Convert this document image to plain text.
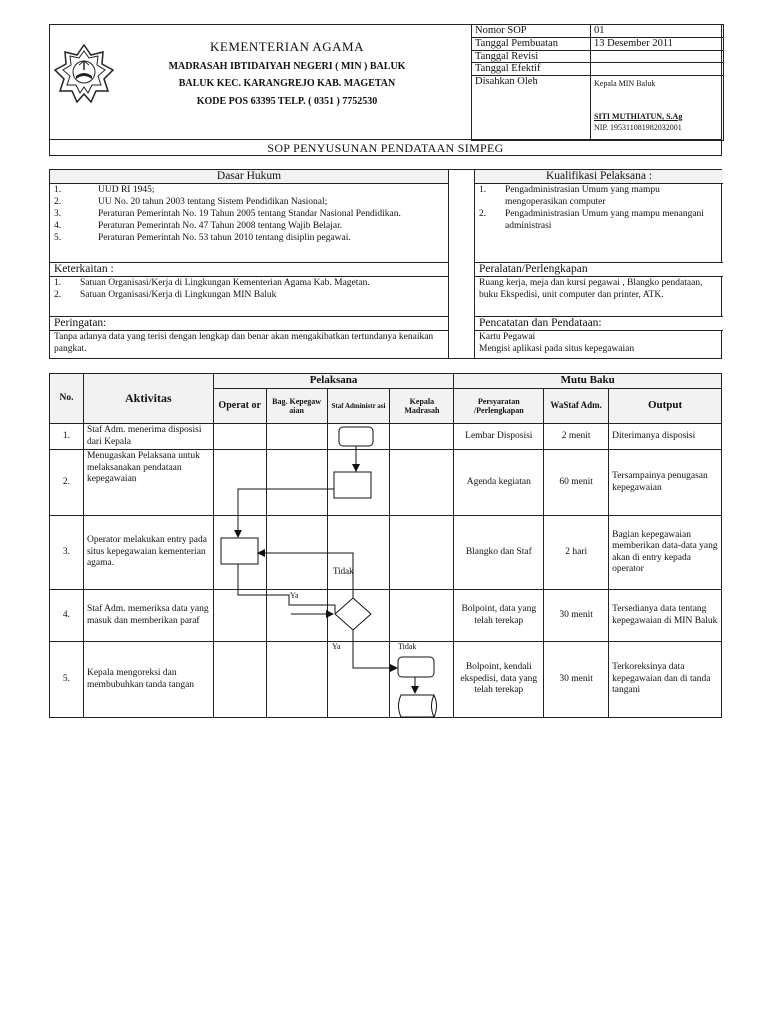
KEMENTERIAN AGAMA
MADRASAH IBTIDAIYAH NEGERI ( MIN ) BALUK
BALUK KEC. KARANGREJO KAB. MAGETAN
KODE POS 63395 TELP. ( 0351 ) 7752530
Nomor SOP	01
Tanggal Pembuatan	13 Desember 2011
Tanggal Revisi	
Tanggal Efektif	
Disahkan Oleh	Kepala MIN Baluk
SITI MUTHIATUN, S.Ag
NIP. 195311081982032001
SOP PENYUSUNAN PENDATAAN SIMPEG
Dasar Hukum
1.	UUD RI 1945;
2.	UU No. 20 tahun 2003 tentang Sistem Pendidikan Nasional;
3.	Peraturan Pemerintah No. 19 Tahun 2005 tentang Standar Nasional Pendidikan.
4.	Peraturan Pemerintah No. 47 Tahun 2008 tentang Wajib Belajar.
5.	Peraturan Pemerintah No. 53 tahun 2010 tentang disiplin pegawai.
Keterkaitan :
1.	Satuan Organisasi/Kerja di Lingkungan Kementerian Agama Kab. Magetan.
2.	Satuan Organisasi/Kerja di Lingkungan MIN Baluk
Peringatan:
Tanpa adanya data yang terisi dengan lengkap dan benar akan mengakibatkan tertundanya kenaikan pangkat.
Kualifikasi Pelaksana :
1.	Pengadministrasian Umum yang mampu mengoperasikan computer
2.	Pengadministrasian Umum yang mampu menangani administrasi
Peralatan/Perlengkapan
Ruang kerja, meja dan kursi pegawai , Blangko pendataan, buku Ekspedisi, unit computer dan printer, ATK.
Pencatatan dan Pendataan:
Kartu Pegawai
Mengisi aplikasi pada situs kepegawaian
No.	Aktivitas	Pelaksana				Mutu Baku		
		Operat or	Bag. Kepegaw aian	Staf Administr asi	Kepala Madrasah	Persyaratan /Perlengkapan	WaStaf Adm.	Output
1.	Staf Adm. menerima disposisi dari Kepala					Lembar Disposisi	2 menit	Diterimanya disposisi
2.	Menugaskan Pelaksana untuk melaksanakan pendataan kepegawaian					Agenda kegiatan	60 menit	Tersampainya penugasan kepegawaian
3.	Operator melakukan entry pada situs kepegawaian kementerian agama.					Blangko dan Staf	2 hari	Bagian kepegawaian memberikan data-data yang akan di entry kepada operator
4.	Staf Adm. memeriksa data yang masuk dan memberikan paraf					Bolpoint, data yang telah terekap	30 menit	Tersedianya data tentang kepegawaian di MIN Baluk
5.	Kepala mengoreksi dan membubuhkan tanda tangan					Bolpoint, kendali ekspedisi, data yang telah terekap	30 menit	Terkoreksinya data kepegawaian dan di tanda tangani
Tidak
Ya
Ya	Tidak
